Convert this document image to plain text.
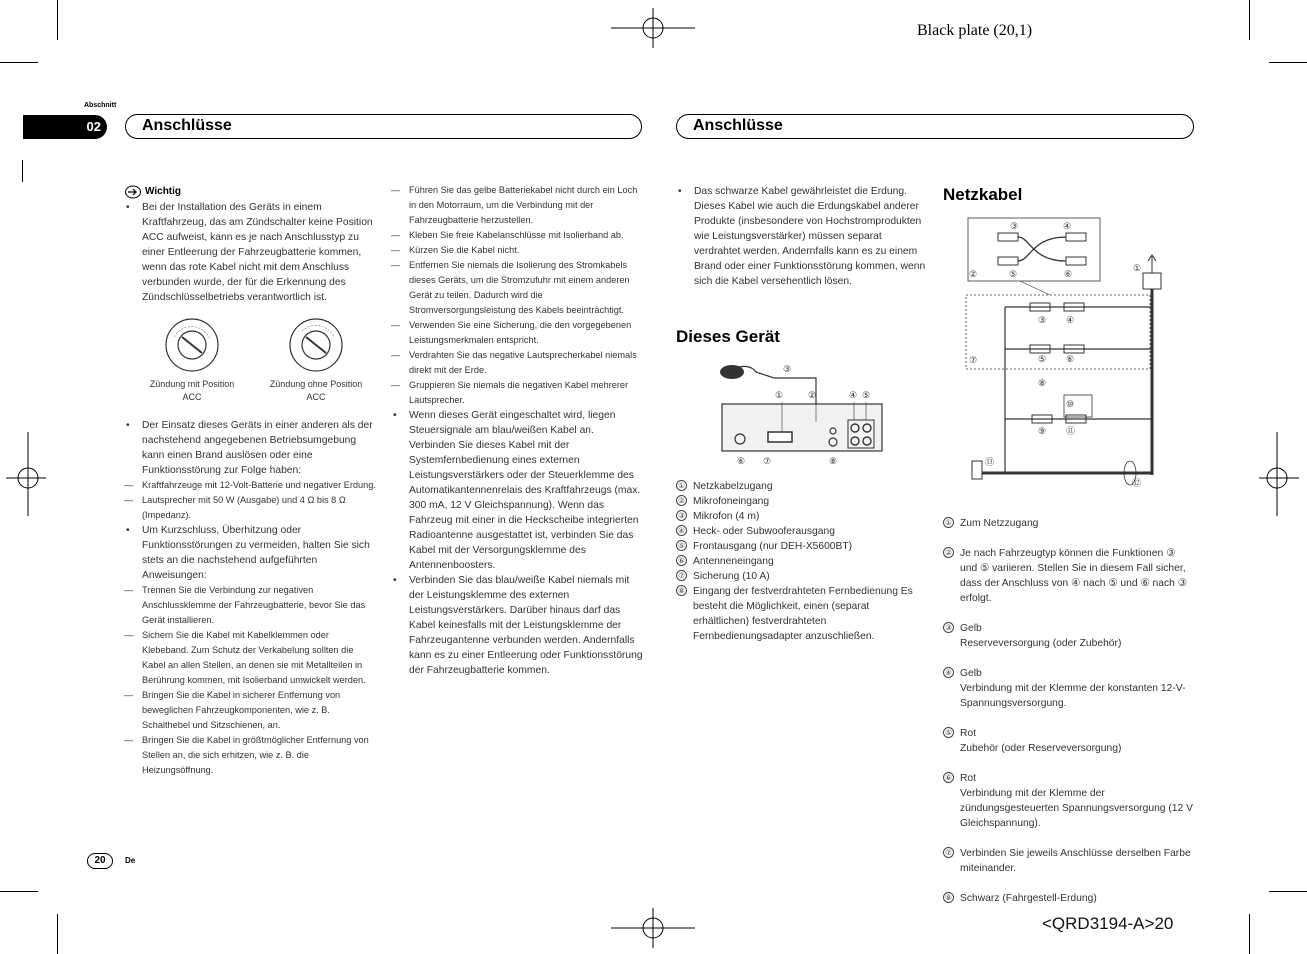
Black plate (20,1)
<QRD3194-A>20
Abschnitt
02	Anschlüsse	Anschlüsse
Wichtig

• Bei der Installation des Geräts in einem Kraftfahrzeug, das am Zündschalter keine Position ACC aufweist, kann es je nach Anschlusstyp zu einer Entleerung der Fahrzeugbatterie kommen, wenn das rote Kabel nicht mit dem Anschluss verbunden wurde, der für die Erkennung des Zündschlüsselbetriebs verantwortlich ist.

Zündung mit Position ACC
Zündung ohne Position ACC

• Der Einsatz dieses Geräts in einer anderen als der nachstehend angegebenen Betriebsumgebung kann einen Brand auslösen oder eine Funktionsstörung zur Folge haben:

— Kraftfahrzeuge mit 12-Volt-Batterie und negativer Erdung.

— Lautsprecher mit 50 W (Ausgabe) und 4 Ω bis 8 Ω (Impedanz).

• Um Kurzschluss, Überhitzung oder Funktionsstörungen zu vermeiden, halten Sie sich stets an die nachstehend aufgeführten Anweisungen:

— Trennen Sie die Verbindung zur negativen Anschlussklemme der Fahrzeugbatterie, bevor Sie das Gerät installieren.

— Sichern Sie die Kabel mit Kabelklemmen oder Klebeband. Zum Schutz der Verkabelung sollten die Kabel an allen Stellen, an denen sie mit Metallteilen in Berührung kommen, mit Isolierband umwickelt werden.

— Bringen Sie die Kabel in sicherer Entfernung von beweglichen Fahrzeugkomponenten, wie z. B. Schalthebel und Sitzschienen, an.

— Bringen Sie die Kabel in größtmöglicher Entfernung von Stellen an, die sich erhitzen, wie z. B. die Heizungsöffnung.

— Führen Sie das gelbe Batteriekabel nicht durch ein Loch in den Motorraum, um die Verbindung mit der Fahrzeugbatterie herzustellen.

— Kleben Sie freie Kabelanschlüsse mit Isolierband ab.

— Kürzen Sie die Kabel nicht.

— Entfernen Sie niemals die Isolierung des Stromkabels dieses Geräts, um die Stromzufuhr mit einem anderen Gerät zu teilen. Dadurch wird die Stromversorgungsleistung des Kabels beeinträchtigt.

— Verwenden Sie eine Sicherung, die den vorgegebenen Leistungsmerkmalen entspricht.

— Verdrahten Sie das negative Lautsprecherkabel niemals direkt mit der Erde.

— Gruppieren Sie niemals die negativen Kabel mehrerer Lautsprecher.

• Wenn dieses Gerät eingeschaltet wird, liegen Steuersignale am blau/weißen Kabel an. Verbinden Sie dieses Kabel mit der Systemfernbedienung eines externen Leistungsverstärkers oder der Steuerklemme des Automatikantennenrelais des Kraftfahrzeugs (max. 300 mA, 12 V Gleichspannung). Wenn das Fahrzeug mit einer in die Heckscheibe integrierten Radioantenne ausgestattet ist, verbinden Sie das Kabel mit der Versorgungsklemme des Antennenboosters.

• Verbinden Sie das blau/weiße Kabel niemals mit der Leistungsklemme des externen Leistungsverstärkers. Darüber hinaus darf das Kabel keinesfalls mit der Leistungsklemme der Fahrzeugantenne verbunden werden. Andernfalls kann es zu einer Entleerung oder Funktionsstörung der Fahrzeugbatterie kommen.

• Das schwarze Kabel gewährleistet die Erdung. Dieses Kabel wie auch die Erdungskabel anderer Produkte (insbesondere von Hochstromprodukten wie Leistungsverstärker) müssen separat verdrahtet werden. Andernfalls kann es zu einem Brand oder einer Funktionsstörung kommen, wenn sich die Kabel versehentlich lösen.

Dieses Gerät
③
①	②	④ ⑤
⑥ ⑦	⑧
① Netzkabelzugang
② Mikrofoneingang
③ Mikrofon (4 m)
④ Heck- oder Subwooferausgang
⑤ Frontausgang (nur DEH-X5600BT)
⑥ Antenneneingang
⑦ Sicherung (10 A)
⑧ Eingang der festverdrahteten Fernbedienung Es besteht die Möglichkeit, einen (separat erhältlichen) festverdrahteten Fernbedienungsadapter anzuschließen.
Netzkabel
③	④
②	⑤	⑥
①
③ ④
⑤ ⑥
⑦
⑧
⑩
⑨ ⑪
⑬
⑫

① Zum Netzzugang

② Je nach Fahrzeugtyp können die Funktionen ③ und ⑤ variieren. Stellen Sie in diesem Fall sicher, dass der Anschluss von ④ nach ⑤ und ⑥ nach ③ erfolgt.

③ Gelb
Reserveversorgung (oder Zubehör)

④ Gelb
Verbindung mit der Klemme der konstanten 12-V-Spannungsversorgung.

⑤ Rot
Zubehör (oder Reserveversorgung)

⑥ Rot
Verbindung mit der Klemme der zündungsgesteuerten Spannungsversorgung (12 V Gleichspannung).

⑦ Verbinden Sie jeweils Anschlüsse derselben Farbe miteinander.

⑧ Schwarz (Fahrgestell-Erdung)

20	De
